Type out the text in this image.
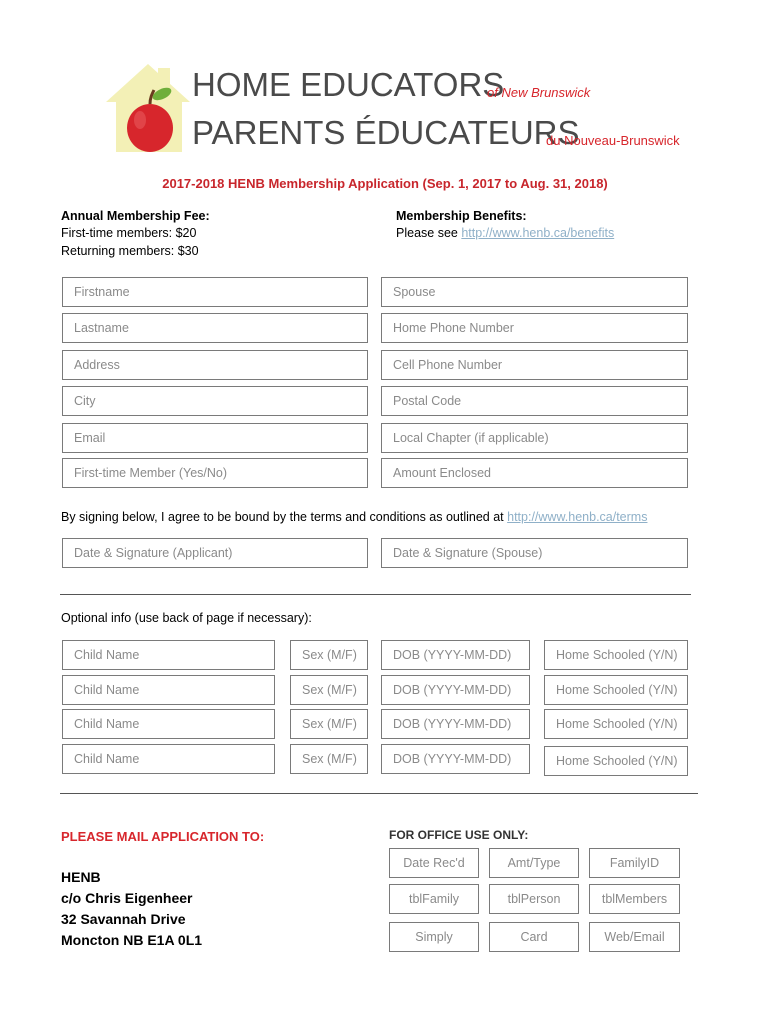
HOME EDUCATORS
of New Brunswick
PARENTS ÉDUCATEURS
du Nouveau-Brunswick
2017-2018 HENB Membership Application (Sep. 1, 2017 to Aug. 31, 2018)
Annual Membership Fee:
First-time members: $20
Returning members: $30
Membership Benefits:
Please see http://www.henb.ca/benefits
Firstname	Spouse
Lastname	Home Phone Number
Address	Cell Phone Number
City	Postal Code
Email	Local Chapter (if applicable)
First-time Member (Yes/No)	Amount Enclosed
By signing below, I agree to be bound by the terms and conditions as outlined at http://www.henb.ca/terms
Date & Signature (Applicant)	Date & Signature (Spouse)
Optional info (use back of page if necessary):
Child Name	Sex (M/F)	DOB (YYYY-MM-DD)	Home Schooled (Y/N)
Child Name	Sex (M/F)	DOB (YYYY-MM-DD)	Home Schooled (Y/N)
Child Name	Sex (M/F)	DOB (YYYY-MM-DD)	Home Schooled (Y/N)
Child Name	Sex (M/F)	DOB (YYYY-MM-DD)	Home Schooled (Y/N)
PLEASE MAIL APPLICATION TO:
HENB
c/o Chris Eigenheer
32 Savannah Drive
Moncton NB E1A 0L1
FOR OFFICE USE ONLY:
Date Rec'd	Amt/Type	FamilyID
tblFamily	tblPerson	tblMembers
Simply	Card	Web/Email
